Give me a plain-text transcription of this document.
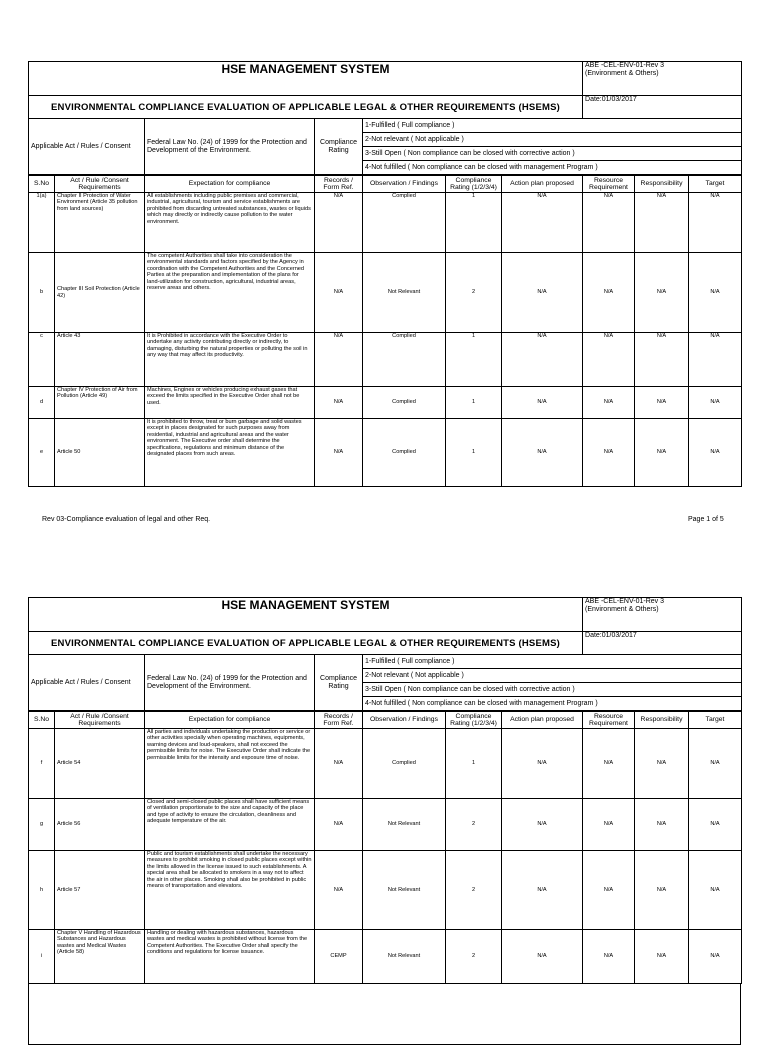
HSE MANAGEMENT SYSTEM				ABE -CEL-ENV-01-Rev 3
(Environment & Others)

ENVIRONMENTAL COMPLIANCE EVALUATION OF APPLICABLE LEGAL & OTHER REQUIREMENTS (HSEMS)				Date:01/03/2017
Applicable Act / Rules / Consent	Federal Law No. (24) of 1999 for the Protection and Development of the Environment.	Compliance Rating	1-Fulfilled ( Full compliance )	
			2-Not relevant ( Not applicable )	
			3-Still Open ( Non compliance can be closed with corrective action )	
			4-Not fulfilled ( Non compliance can be closed with management Program )	
S.No	Act / Rule /Consent Requirements	Expectation for compliance	Records / Form Ref.	Observation / Findings	Compliance Rating (1/2/3/4)	Action plan proposed	Resource Requirement	Responsibility	Target
1(a)	Chapter II Protection of Water Environment (Article 35 pollution from land sources)	All establishments including public premises and commercial, industrial, agricultural, tourism and service establishments are prohibited from discarding untreated substances, wastes or liquids which may directly or indirectly cause pollution to the water environment.	N/A	Complied	1	N/A	N/A	N/A	N/A
b	Chapter III Soil Protection (Article 42)	The competent Authorities shall take into consideration the environmental standards and factors specified by the Agency in coordination with the Competent Authorities and the Concerned Parties at the preparation and implementation of the plans for land-utilization for construction, agricultural, industrial areas, reserve areas and others.	N/A	Not Relevant	2	N/A	N/A	N/A	N/A
c	Article 43	It is Prohibited in accordance with the Executive Order to undertake any activity contributing directly or indirectly, to damaging, disturbing the natural properties or polluting the soil in any way that may affect its productivity.	N/A	Complied	1	N/A	N/A	N/A	N/A
d	Chapter IV Protection of Air from Pollution (Article 49)	Machines, Engines or vehicles producing exhaust gases that exceed the limits specified in the Executive Order shall not be used.	N/A	Complied	1	N/A	N/A	N/A	N/A
e	Article 50	It is prohibited to throw, treat or burn garbage and solid wastes except in places designated for such purposes away from residential, industrial and agricultural areas and the water environment. The Executive order shall determine the specifications, regulations and minimum distance of the designated places from such areas.	N/A	Complied	1	N/A	N/A	N/A	N/A
Rev 03-Compliance evaluation of legal and other Req.	Page 1 of 5
HSE MANAGEMENT SYSTEM				ABE -CEL-ENV-01-Rev 3
(Environment & Others)

ENVIRONMENTAL COMPLIANCE EVALUATION OF APPLICABLE LEGAL & OTHER REQUIREMENTS (HSEMS)				Date:01/03/2017
Applicable Act / Rules / Consent	Federal Law No. (24) of 1999 for the Protection and Development of the Environment.	Compliance Rating	1-Fulfilled ( Full compliance )	
			2-Not relevant ( Not applicable )	
			3-Still Open ( Non compliance can be closed with corrective action )	
			4-Not fulfilled ( Non compliance can be closed with management Program )	
S.No	Act / Rule /Consent Requirements	Expectation for compliance	Records / Form Ref.	Observation / Findings	Compliance Rating (1/2/3/4)	Action plan proposed	Resource Requirement	Responsibility	Target
f	Article 54	All parties and individuals undertaking the production or service or other activities specially when operating machines, equipments, warning devices and loud-speakers, shall not exceed the permissible limits for noise. The Executive Order shall indicate the permissible limits for the intensity and exposure time of noise.	N/A	Complied	1	N/A	N/A	N/A	N/A
g	Article 56	Closed and semi-closed public places shall have sufficient means of ventilation proportionate to the size and capacity of the place and type of activity to ensure the circulation, cleanliness and adequate temperature of the air.	N/A	Not Relevant	2	N/A	N/A	N/A	N/A
h	Article 57	Public and tourism establishments shall undertake the necessary measures to prohibit smoking in closed public places except within the limits allowed in the license issued to such establishments. A special area shall be allocated to smokers in a way not to affect the air in other places. Smoking shall also be prohibited in public means of transportation and elevators.	N/A	Not Relevant	2	N/A	N/A	N/A	N/A
i	Chapter V Handling of Hazardous Substances and Hazardous wastes and Medical Wastes (Article 58)	Handling or dealing with hazardous substances, hazardous wastes and medical wastes is prohibited without license from the Competent Authorities. The Executive Order shall specify the conditions and regulations for license issuance.	CEMP	Not Relevant	2	N/A	N/A	N/A	N/A
